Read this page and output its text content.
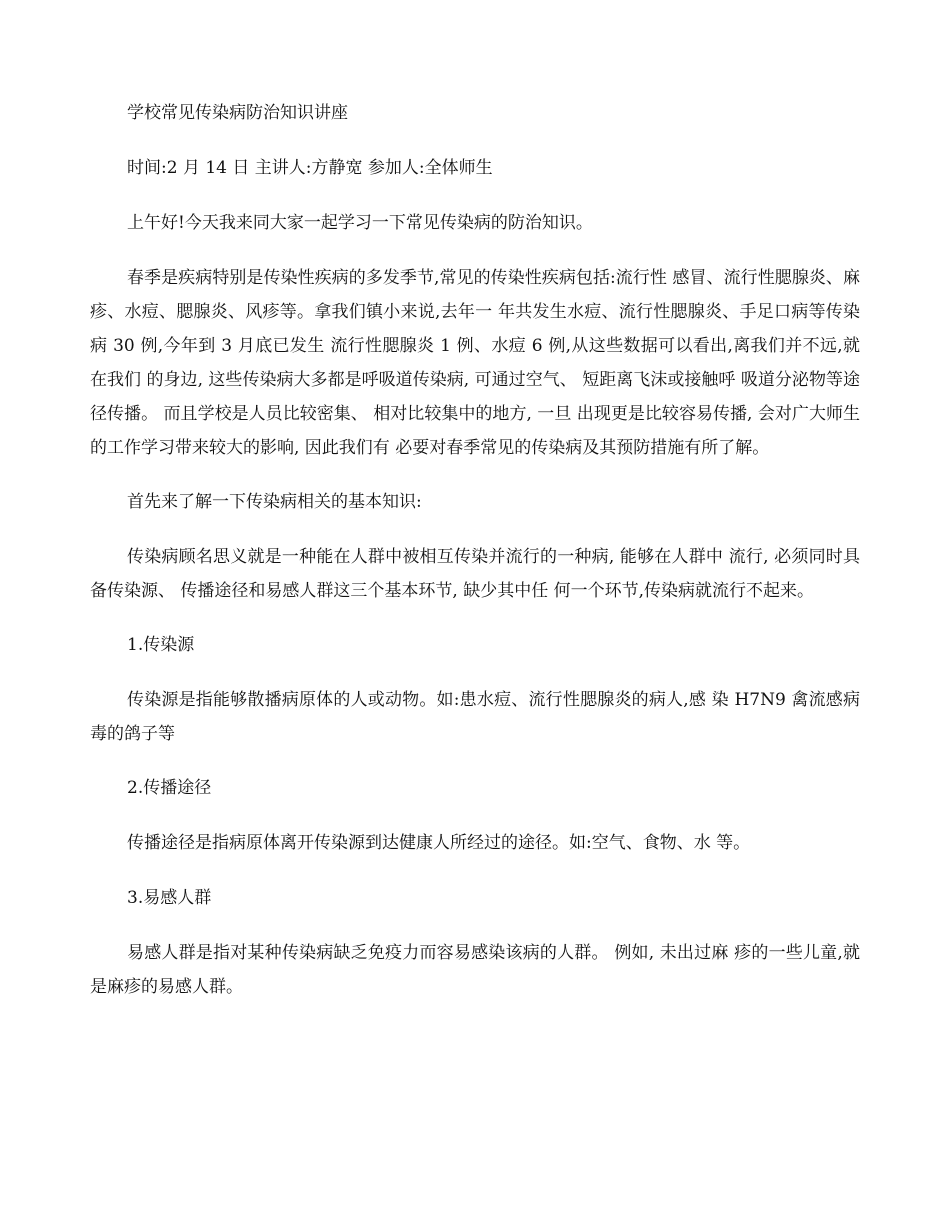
学校常见传染病防治知识讲座

时间:2 月 14 日 主讲人:方静宽 参加人:全体师生

上午好!今天我来同大家一起学习一下常见传染病的防治知识。

春季是疾病特别是传染性疾病的多发季节,常见的传染性疾病包括:流行性 感冒、流行性腮腺炎、麻疹、水痘、腮腺炎、风疹等。拿我们镇小来说,去年一 年共发生水痘、流行性腮腺炎、手足口病等传染病 30 例,今年到 3 月底已发生 流行性腮腺炎 1 例、水痘 6 例,从这些数据可以看出,离我们并不远,就在我们 的身边, 这些传染病大多都是呼吸道传染病, 可通过空气、 短距离飞沫或接触呼 吸道分泌物等途径传播。 而且学校是人员比较密集、 相对比较集中的地方, 一旦 出现更是比较容易传播, 会对广大师生的工作学习带来较大的影响, 因此我们有 必要对春季常见的传染病及其预防措施有所了解。

首先来了解一下传染病相关的基本知识:

传染病顾名思义就是一种能在人群中被相互传染并流行的一种病, 能够在人群中 流行, 必须同时具备传染源、 传播途径和易感人群这三个基本环节, 缺少其中任 何一个环节,传染病就流行不起来。

1.传染源

传染源是指能够散播病原体的人或动物。如:患水痘、流行性腮腺炎的病人,感 染 H7N9 禽流感病毒的鸽子等

2.传播途径

传播途径是指病原体离开传染源到达健康人所经过的途径。如:空气、食物、水 等。

3.易感人群

易感人群是指对某种传染病缺乏免疫力而容易感染该病的人群。 例如, 未出过麻 疹的一些儿童,就是麻疹的易感人群。
